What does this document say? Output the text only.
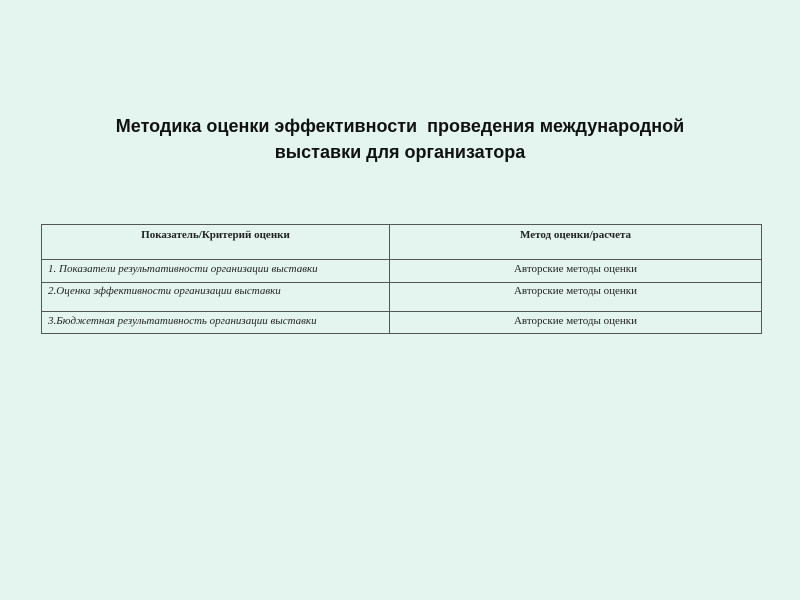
Методика оценки эффективности  проведения международной
выставки для организатора
Показатель/Критерий оценки	Метод оценки/расчета
1. Показатели результативности организации выставки	Авторские методы оценки
2.Оценка эффективности организации выставки	Авторские методы оценки
3.Бюджетная результативность организации выставки	Авторские методы оценки
